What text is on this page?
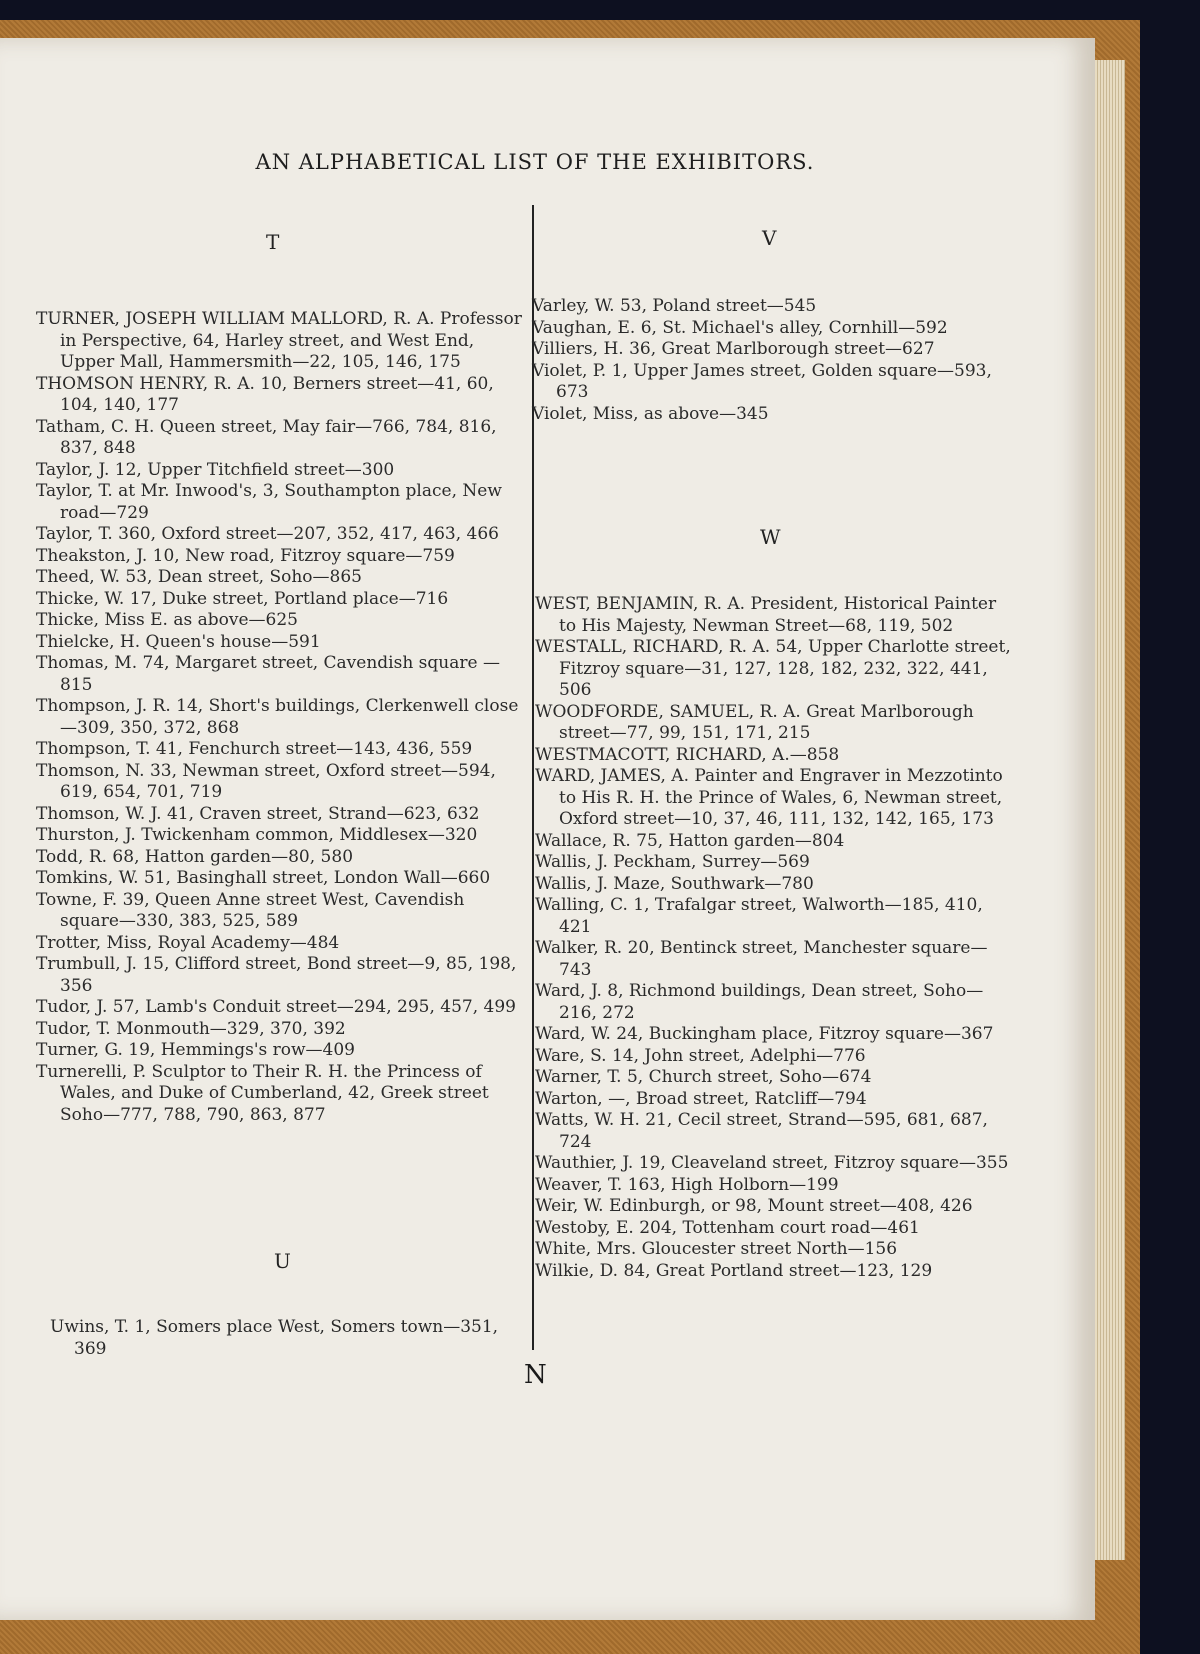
AN ALPHABETICAL LIST OF THE EXHIBITORS.
T	V
W
U

TURNER, JOSEPH WILLIAM MALLORD, R. A. Professor in Perspective, 64, Harley street, and West End, Upper Mall, Hammersmith—22, 105, 146, 175

THOMSON HENRY, R. A. 10, Berners street—41, 60, 104, 140, 177

Tatham, C. H. Queen street, May fair—766, 784, 816, 837, 848

Taylor, J. 12, Upper Titchfield street—300

Taylor, T. at Mr. Inwood's, 3, Southampton place, New road—729

Taylor, T. 360, Oxford street—207, 352, 417, 463, 466

Theakston, J. 10, New road, Fitzroy square—759

Theed, W. 53, Dean street, Soho—865

Thicke, W. 17, Duke street, Portland place—716

Thicke, Miss E. as above—625

Thielcke, H. Queen's house—591

Thomas, M. 74, Margaret street, Cavendish square —815

Thompson, J. R. 14, Short's buildings, Clerkenwell close—309, 350, 372, 868

Thompson, T. 41, Fenchurch street—143, 436, 559

Thomson, N. 33, Newman street, Oxford street—594, 619, 654, 701, 719

Thomson, W. J. 41, Craven street, Strand—623, 632

Thurston, J. Twickenham common, Middlesex—320

Todd, R. 68, Hatton garden—80, 580

Tomkins, W. 51, Basinghall street, London Wall—660

Towne, F. 39, Queen Anne street West, Cavendish square—330, 383, 525, 589

Trotter, Miss, Royal Academy—484

Trumbull, J. 15, Clifford street, Bond street—9, 85, 198, 356

Tudor, J. 57, Lamb's Conduit street—294, 295, 457, 499

Tudor, T. Monmouth—329, 370, 392

Turner, G. 19, Hemmings's row—409

Turnerelli, P. Sculptor to Their R. H. the Princess of Wales, and Duke of Cumberland, 42, Greek street Soho—777, 788, 790, 863, 877

Uwins, T. 1, Somers place West, Somers town—351, 369

Varley, W. 53, Poland street—545

Vaughan, E. 6, St. Michael's alley, Cornhill—592

Villiers, H. 36, Great Marlborough street—627

Violet, P. 1, Upper James street, Golden square—593, 673

Violet, Miss, as above—345

WEST, BENJAMIN, R. A. President, Historical Painter to His Majesty, Newman Street—68, 119, 502

WESTALL, RICHARD, R. A. 54, Upper Charlotte street, Fitzroy square—31, 127, 128, 182, 232, 322, 441, 506

WOODFORDE, SAMUEL, R. A. Great Marlborough street—77, 99, 151, 171, 215

WESTMACOTT, RICHARD, A.—858

WARD, JAMES, A. Painter and Engraver in Mezzotinto to His R. H. the Prince of Wales, 6, Newman street, Oxford street—10, 37, 46, 111, 132, 142, 165, 173

Wallace, R. 75, Hatton garden—804

Wallis, J. Peckham, Surrey—569

Wallis, J. Maze, Southwark—780

Walling, C. 1, Trafalgar street, Walworth—185, 410, 421

Walker, R. 20, Bentinck street, Manchester square—743

Ward, J. 8, Richmond buildings, Dean street, Soho—216, 272

Ward, W. 24, Buckingham place, Fitzroy square—367

Ware, S. 14, John street, Adelphi—776

Warner, T. 5, Church street, Soho—674

Warton, —, Broad street, Ratcliff—794

Watts, W. H. 21, Cecil street, Strand—595, 681, 687, 724

Wauthier, J. 19, Cleaveland street, Fitzroy square—355

Weaver, T. 163, High Holborn—199

Weir, W. Edinburgh, or 98, Mount street—408, 426

Westoby, E. 204, Tottenham court road—461

White, Mrs. Gloucester street North—156

Wilkie, D. 84, Great Portland street—123, 129

N
